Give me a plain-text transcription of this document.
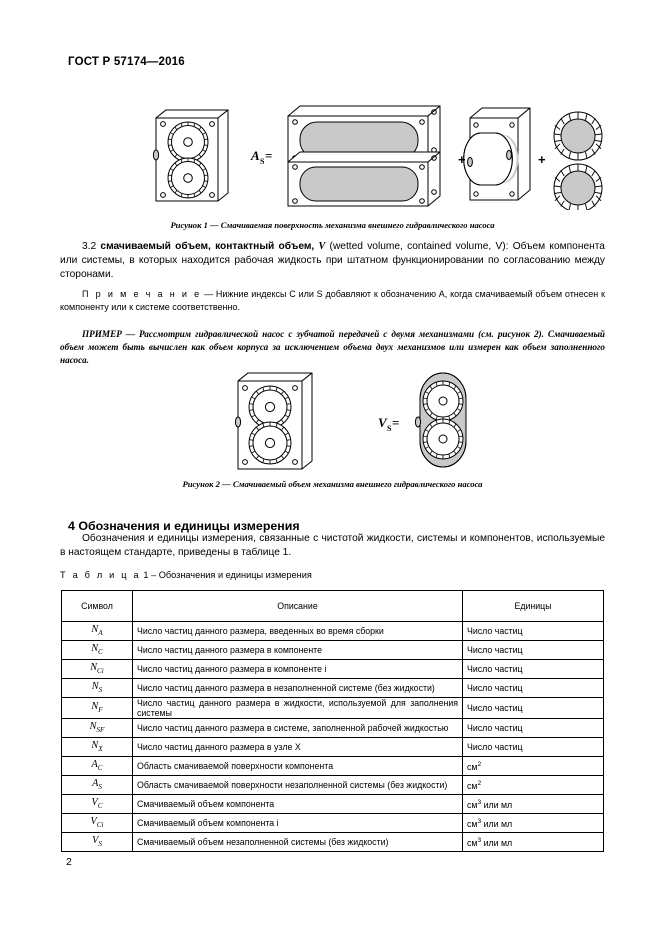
ГОСТ Р 57174—2016
A S =	+	+
Рисунок 1 — Смачиваемая поверхность механизма внешнего гидравлического насоса
3.2 смачиваемый объем, контактный объем, V (wetted volume, contained volume, V): Объем компонента или системы, в которых находится рабочая жидкость при штатном функционировании по согласованию между сторонами.
П р и м е ч а н и е — Нижние индексы C или S добавляют к обозначению A, когда смачиваемый объем отнесен к компоненту или к системе соответственно.
ПРИМЕР — Рассмотрим гидравлической насос с зубчатой передачей с двумя механизмами (см. рисунок 2). Смачиваемый объем может быть вычислен как объем корпуса за исключением объема двух механизмов или измерен как объем заполненного насоса.
V S =
Рисунок 2 — Смачиваемый объем механизма внешнего гидравлического насоса
4 Обозначения и единицы измерения
Обозначения и единицы измерения, связанные с чистотой жидкости, системы и компонентов, используемые в настоящем стандарте, приведены в таблице 1.
Т а б л и ц а 1 – Обозначения и единицы измерения
Символ	Описание	Единицы
$N_A$	Число частиц данного размера, введенных во время сборки	Число частиц
$N_C$	Число частиц данного размера в компоненте	Число частиц
$N_{Ci}$	Число частиц данного размера в компоненте i	Число частиц
$N_S$	Число частиц данного размера в незаполненной системе (без жидкости)	Число частиц
$N_F$	Число частиц данного размера в жидкости, используемой для заполнения системы	Число частиц
$N_{SF}$	Число частиц данного размера в системе, заполненной рабочей жидкостью	Число частиц
$N_X$	Число частиц данного размера в узле X	Число частиц
$A_C$	Область смачиваемой поверхности компонента	$см^2$
$A_S$	Область смачиваемой поверхности незаполненной системы (без жидкости)	$см^2$
$V_C$	Смачиваемый объем компонента	$см^3$ или мл
$V_{Ci}$	Смачиваемый объем компонента i	$см^3$ или мл
$V_S$	Смачиваемый объем незаполненной системы (без жидкости)	$см^3$ или мл
2
